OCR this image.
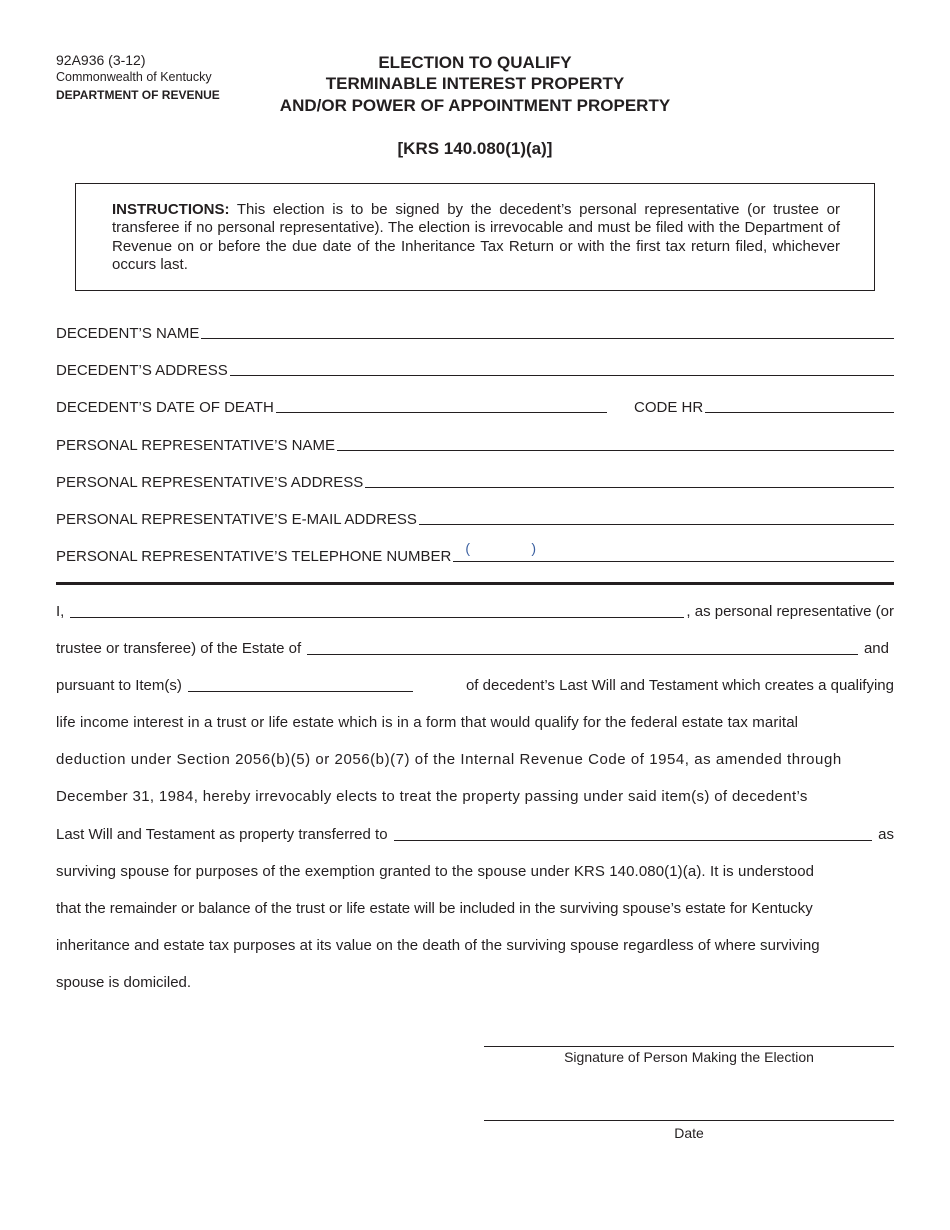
92A936 (3-12)
Commonwealth of Kentucky
DEPARTMENT OF REVENUE
ELECTION TO QUALIFY
TERMINABLE INTEREST PROPERTY
AND/OR POWER OF APPOINTMENT PROPERTY
[KRS 140.080(1)(a)]
INSTRUCTIONS: This election is to be signed by the decedent’s personal representative (or trustee or transferee if no personal representative). The election is irrevocable and must be filed with the Department of Revenue on or before the due date of the Inheritance Tax Return or with the first tax return filed, whichever occurs last.
DECEDENT’S NAME
DECEDENT’S ADDRESS
DECEDENT’S DATE OF DEATH	CODE HR
PERSONAL REPRESENTATIVE’S NAME
PERSONAL REPRESENTATIVE’S ADDRESS
PERSONAL REPRESENTATIVE’S E-MAIL ADDRESS
PERSONAL REPRESENTATIVE’S TELEPHONE NUMBER (	)
I,	, as personal representative (or
trustee or transferee) of the Estate of	and
pursuant to Item(s)	of decedent’s Last Will and Testament which creates a qualifying
life income interest in a trust or life estate which is in a form that would qualify for the federal estate tax marital
deduction under Section 2056(b)(5) or 2056(b)(7) of the Internal Revenue Code of 1954, as amended through
December 31, 1984, hereby irrevocably elects to treat the property passing under said item(s) of decedent’s
Last Will and Testament as property transferred to	as
surviving spouse for purposes of the exemption granted to the spouse under KRS 140.080(1)(a). It is understood
that the remainder or balance of the trust or life estate will be included in the surviving spouse’s estate for Kentucky
inheritance and estate tax purposes at its value on the death of the surviving spouse regardless of where surviving
spouse is domiciled.
Signature of Person Making the Election
Date
